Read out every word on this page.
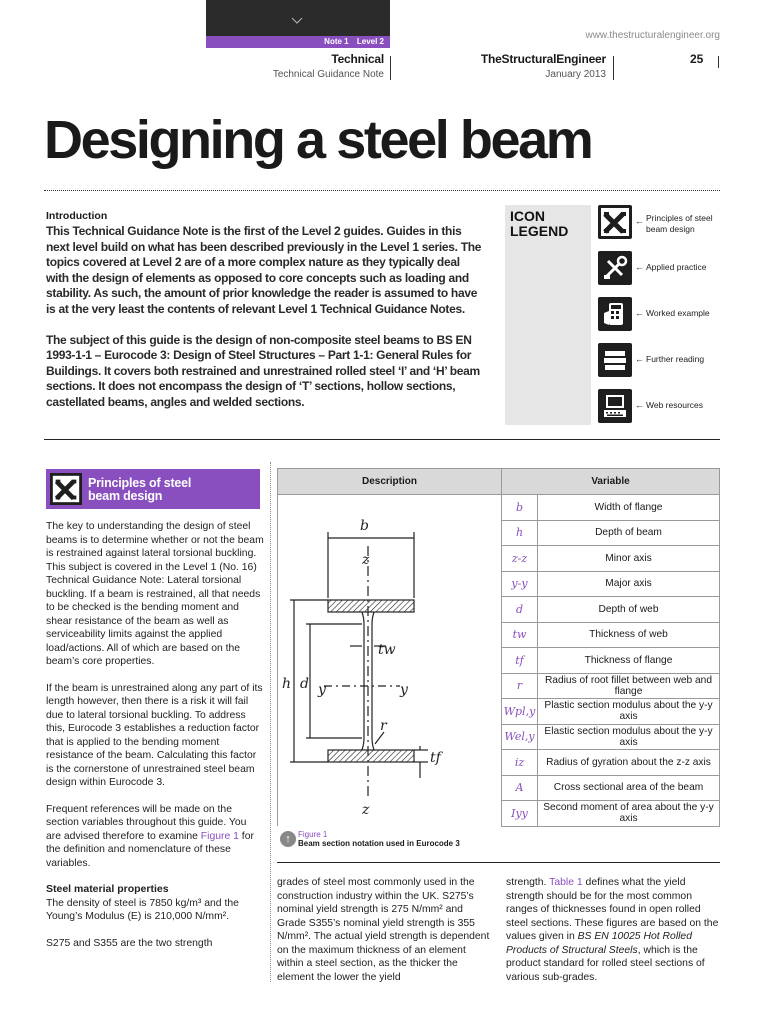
Note 1 Level 2
www.thestructuralengineer.org
Technical
Technical Guidance Note
TheStructuralEngineer
January 2013
25
Designing a steel beam
Introduction

This Technical Guidance Note is the first of the Level 2 guides. Guides in this next level build on what has been described previously in the Level 1 series. The topics covered at Level 2 are of a more complex nature as they typically deal with the design of elements as opposed to core concepts such as loading and stability. As such, the amount of prior knowledge the reader is assumed to have is at the very least the contents of relevant Level 1 Technical Guidance Notes.

The subject of this guide is the design of non-composite steel beams to BS EN 1993-1-1 – Eurocode 3: Design of Steel Structures – Part 1-1: General Rules for Buildings. It covers both restrained and unrestrained rolled steel ‘I’ and ‘H’ beam sections. It does not encompass the design of ‘T’ sections, hollow sections, castellated beams, angles and welded sections.

ICON
LEGEND
← Principles of steel beam design
← Applied practice
← Worked example
← Further reading
← Web resources
Principles of steel
beam design

The key to understanding the design of steel beams is to determine whether or not the beam is restrained against lateral torsional buckling. This subject is covered in the Level 1 (No. 16) Technical Guidance Note: Lateral torsional buckling. If a beam is restrained, all that needs to be checked is the bending moment and shear resistance of the beam as well as serviceability limits against the applied load/actions. All of which are based on the beam’s core properties.

If the beam is unrestrained along any part of its length however, then there is a risk it will fail due to lateral torsional buckling. To address this, Eurocode 3 establishes a reduction factor that is applied to the bending moment resistance of the beam. Calculating this factor is the cornerstone of unrestrained steel beam design within Eurocode 3.

Frequent references will be made on the section variables throughout this guide. You are advised therefore to examine Figure 1 for the definition and nomenclature of these variables.

Steel material properties

The density of steel is 7850 kg/m³ and the Young’s Modulus (E) is 210,000 N/mm².

S275 and S355 are the two strength

Description	Variable	
	b	Width of flange
	h	Depth of beam
	z-z	Minor axis
	y-y	Major axis
	d	Depth of web
	tw	Thickness of web
	tf	Thickness of flange
	r	Radius of root fillet between web and flange
	Wpl,y	Plastic section modulus about the y-y axis
	Wel,y	Elastic section modulus about the y-y axis
	iz	Radius of gyration about the z-z axis
	A	Cross sectional area of the beam
	Iyy	Second moment of area about the y-y axis
b
z
h d y	y
tw
r
tf
z
↑ Figure 1
Beam section notation used in Eurocode 3
grades of steel most commonly used in the construction industry within the UK. S275’s nominal yield strength is 275 N/mm² and Grade S355’s nominal yield strength is 355 N/mm². The actual yield strength is dependent on the maximum thickness of an element within a steel section, as the thicker the element the lower the yield
strength. Table 1 defines what the yield strength should be for the most common ranges of thicknesses found in open rolled steel sections. These figures are based on the values given in BS EN 10025 Hot Rolled Products of Structural Steels, which is the product standard for rolled steel sections of various sub-grades.
